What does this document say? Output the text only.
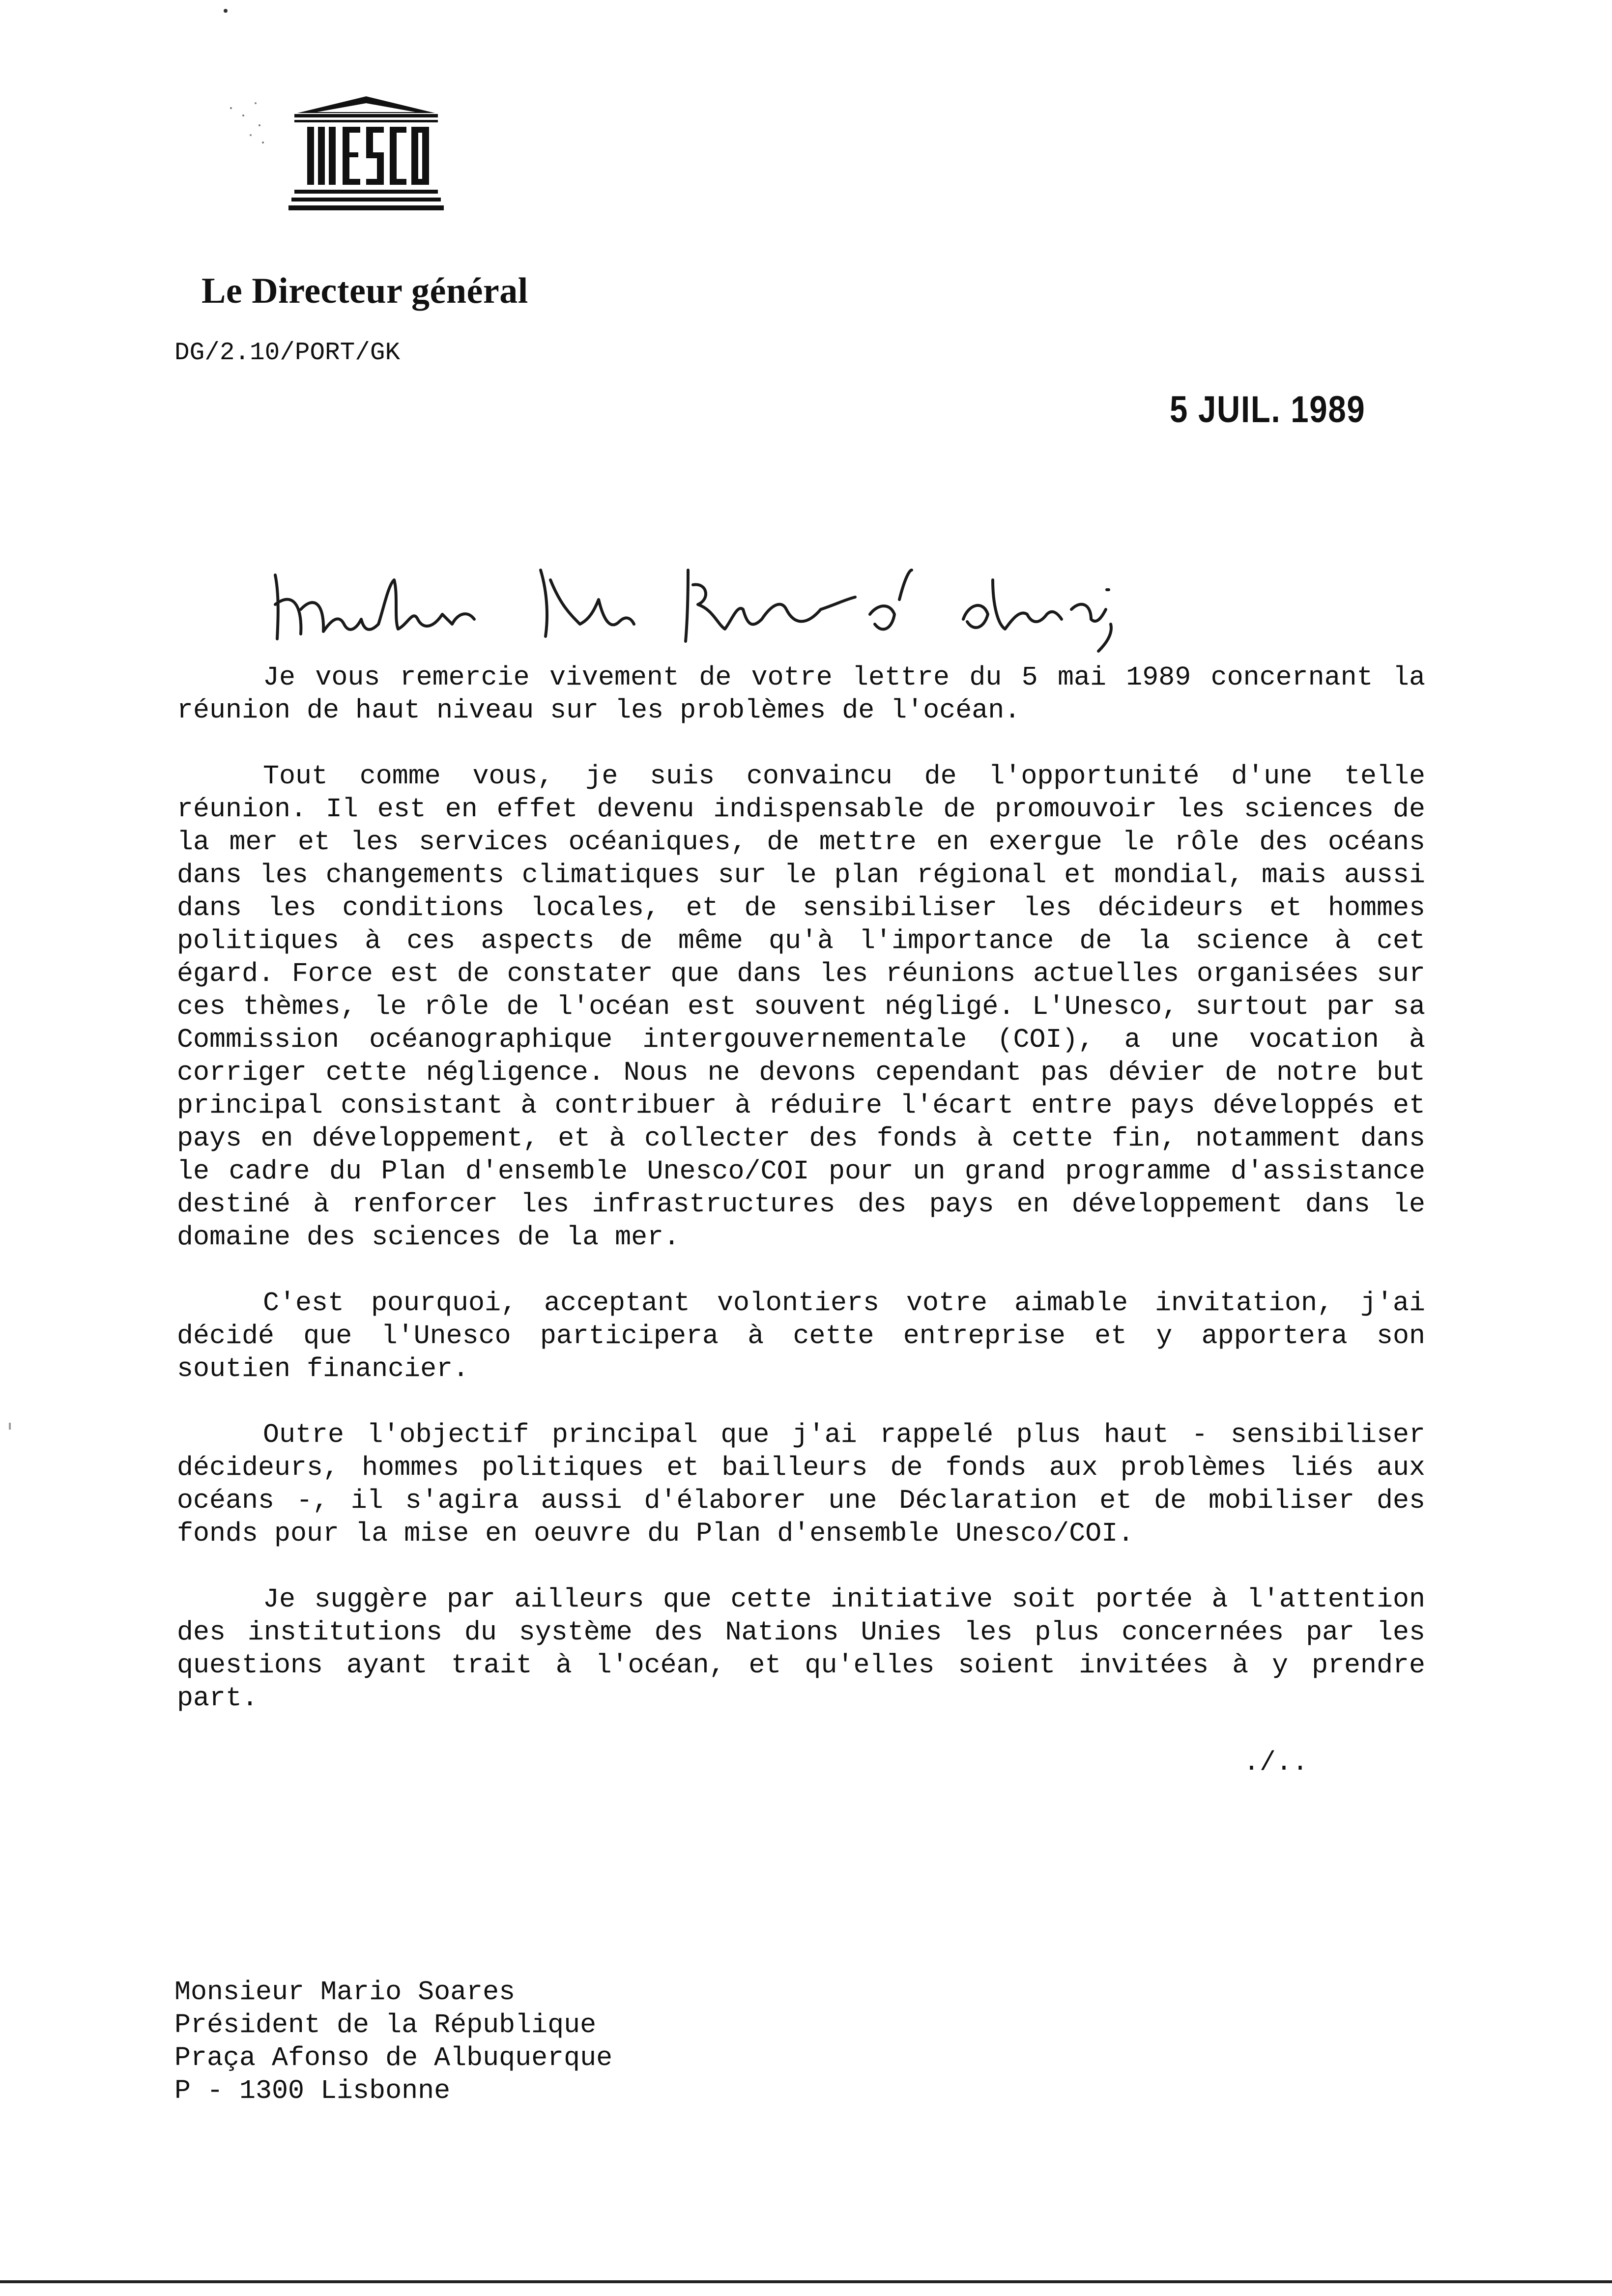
Le Directeur général
DG/2.10/PORT/GK
5 JUIL. 1989

Je vous remercie vivement de votre lettre du 5 mai 1989 concernant la réunion de haut niveau sur les problèmes de l'océan.

Tout comme vous, je suis convaincu de l'opportunité d'une telle réunion. Il est en effet devenu indispensable de promouvoir les sciences de la mer et les services océaniques, de mettre en exergue le rôle des océans dans les changements climatiques sur le plan régional et mondial, mais aussi dans les conditions locales, et de sensibiliser les décideurs et hommes politiques à ces aspects de même qu'à l'importance de la science à cet égard. Force est de constater que dans les réunions actuelles organisées sur ces thèmes, le rôle de l'océan est souvent négligé. L'Unesco, surtout par sa Commission océanographique intergouvernementale (COI), a une vocation à corriger cette négligence. Nous ne devons cependant pas dévier de notre but principal consistant à contribuer à réduire l'écart entre pays développés et pays en développement, et à collecter des fonds à cette fin, notamment dans le cadre du Plan d'ensemble Unesco/COI pour un grand programme d'assistance destiné à renforcer les infrastructures des pays en développement dans le domaine des sciences de la mer.

C'est pourquoi, acceptant volontiers votre aimable invitation, j'ai décidé que l'Unesco participera à cette entreprise et y apportera son soutien financier.

Outre l'objectif principal que j'ai rappelé plus haut - sensibiliser décideurs, hommes politiques et bailleurs de fonds aux problèmes liés aux océans -, il s'agira aussi d'élaborer une Déclaration et de mobiliser des fonds pour la mise en oeuvre du Plan d'ensemble Unesco/COI.

Je suggère par ailleurs que cette initiative soit portée à l'attention des institutions du système des Nations Unies les plus concernées par les questions ayant trait à l'océan, et qu'elles soient invitées à y prendre part.

./..
Monsieur Mario Soares
Président de la République
Praça Afonso de Albuquerque
P - 1300 Lisbonne
